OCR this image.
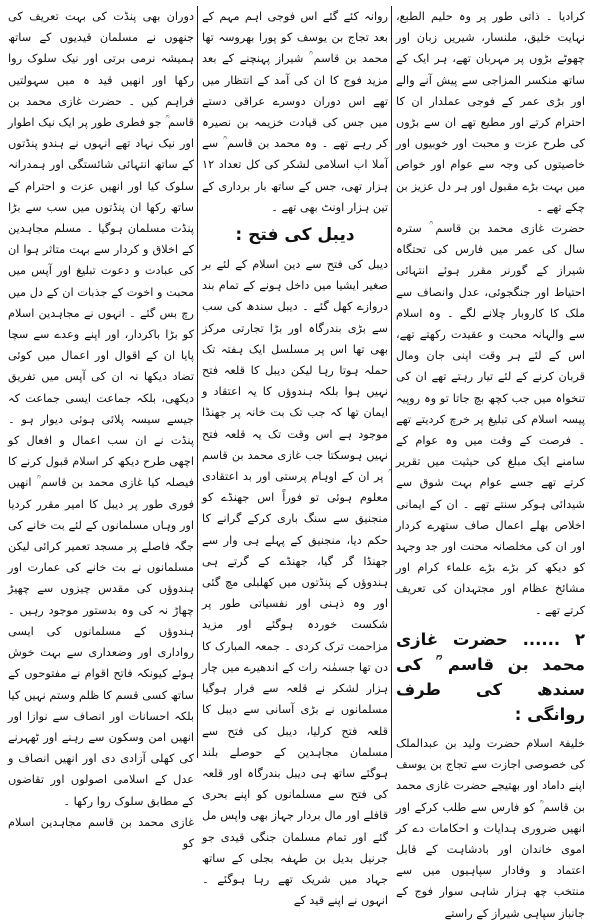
کرادیا ۔ ذاتی طور پر وہ حلیم الطبع، نہایت خلیق، ملنسار، شیریں زبان اور چھوٹے بڑوں پر مہربان تھے، ہر ایک کے ساتھ منکسر المزاجی سے پیش آنے والے اور بڑی عمر کے فوجی عملدار ان کا احترام کرتے اور مطیع تھے ان سے بڑوں کی طرح عزت و محبت اور خوبیوں اور خاصیتوں کی وجہ سے عوام اور خواص میں بہت بڑے مقبول اور ہر دل عزیز بن چکے تھے ۔

حضرت غازی محمد بن قاسم ؒ سترہ سال کی عمر میں فارس کی تحتگاہ شیراز کے گورنر مقرر ہوئے انتہائی احتیاط اور جنگجوئی، عدل وانصاف سے ملک کا کاروبار چلانے لگے ۔ وہ اسلام سے والہانہ محبت و عقیدت رکھتے تھے، اس کے لئے ہر وقت اپنی جان ومال قربان کرنے کے لئے تیار رہتے تھے ان کی تنخواہ میں جب کچھ بچ جاتا تو وہ روپیہ پیسہ اسلام کی تبلیغ پر خرچ کردیتے تھے ۔ فرصت کے وقت میں وہ عوام کے سامنے ایک مبلغ کی حیثیت میں تقریر کرتے تھے جسے عوام بہت شوق سے شیدائی ہوکر سنتے تھے ۔ ان کے ایمانی اخلاص بھلے اعمال صاف ستھرے کردار اور ان کی مخلصانہ محنت اور جد وجہد کو دیکھ کر بڑے بڑے علماء کرام اور مشائخ عظام اور مجتہدان کی تعریف کرتے تھے ۔

۲ ...... حضرت غازی محمد بن قاسم ؒ کی سندھ کی طرف روانگی :

خلیفۃ اسلام حضرت ولید بن عبدالملک کی خصوصی اجازت سے تجاج بن یوسف اپنے داماد اور بھتیجے حضرت غازی محمد بن قاسم ؒ کو فارس سے طلب کرکے اور انھیں ضروری ہدایات و احکامات دے کر اموی خاندان اور بادشاہت کے قابل اعتماد و وفادار سپاہیوں میں سے منتخب چھ ہزار شاہی سوار فوج کے جانباز سپاہی شیراز کے راستے

روانہ کئے گئے اس فوجی اہم مہم کے بعد تجاج بن یوسف کو پورا بھروسہ تھا محمد بن قاسم ؒ شیراز پہنچنے کے بعد مزید فوج کا ان کی آمد کے انتظار میں تھے اس دوران دوسرے عراقی دستے میں جس کی قیادت خزیمہ بن نصیرہ کر رہے تھے ۔ وہ محمد بن قاسم ؒ سے آملا اب اسلامی لشکر کی کل تعداد ۱۲ ہزار تھی، جس کے ساتھ بار برداری کے تین ہزار اونٹ بھی تھے ۔

دیبل کی فتح :

دیبل کی فتح سے دین اسلام کے لئے بر صغیر ایشیا میں داخل ہونے کے تمام بند دروازے کھل گئے ۔ دیبل سندھ کی سب سے بڑی بندرگاہ اور بڑا تجارتی مرکز بھی تھا اس پر مسلسل ایک ہفتہ تک حملہ ہوتا رہا لیکن دیبل کا قلعہ فتح نہیں ہوا بلکہ ہندوؤں کا یہ اعتقاد و ایمان تھا کہ جب تک بت خانہ پر جھنڈا موجود ہے اس وقت تک یہ قلعہ فتح نہیں ہوسکتا جب غازی محمد بن قاسم ؒ پر ان کے اوہام پرستی اور بد اعتقادی معلوم ہوئی تو فوراً اس جھنڈے کو منجنیق سے سنگ باری کرکے گرانے کا حکم دیا، منجنیق کے پہلے ہی وار سے جھنڈا گر گیا، جھنڈے کے گرتے ہی ہندوؤں کے پنڈتوں میں کھلبلی مچ گئی اور وہ ذہنی اور نفسیاتی طور پر شکست خوردہ ہوگئے اور مزید مزاحمت ترک کردی ۔ جمعہ المبارک کا دن تھا جسمٰنہ رات کے اندھیرے میں چار ہزار لشکر نے قلعہ سے فرار ہوگیا مسلمانوں نے بڑی آسانی سے دیبل کا قلعہ فتح کرلیا، دیبل کی فتح سے مسلمان مجاہدین کے حوصلے بلند ہوگئے ساتھ ہی دیبل بندرگاہ اور قلعہ کی فتح سے مسلمانوں کو اپنے بحری قافلے اور مال بردار جہاز بھی واپس مل گئے اور تمام مسلمان جنگی قیدی جو جرنیل بدیل بن طہفہ بجلی کے ساتھ جہاد میں شریک تھے رہا ہوگئے ۔ انہوں نے اپنے قید کے

دوران بھی پنڈت کی بہت تعریف کی جنھوں نے مسلمان قیدیوں کے ساتھ ہمیشہ نرمی برتی اور نیک سلوک روا رکھا اور انھیں قید ہ میں سہولتیں فراہم کیں ۔ حضرت غازی محمد بن قاسم ؒ جو فطری طور پر ایک نیک اطوار اور نیک نہاد تھے انہوں نے ہندو پنڈتوں کے ساتھ انتہائی شائستگی اور ہمدرانہ سلوک کیا اور انھیں عزت و احترام کے ساتھ رکھا ان پنڈتوں میں سب سے بڑا پنڈت مسلمان ہوگیا ۔ مسلم مجاہدین کے اخلاق و کردار سے بہت متاثر ہوا ان کی عبادت و دعوت تبلیغ اور آپس میں محبت و اخوت کے جذبات ان کے دل میں رچ بس گئے ۔ انہوں نے مجاہدین اسلام کو بڑا باکردار، اور اپنے وعدے سے سچا پایا ان کے اقوال اور اعمال میں کوئی تضاد دیکھا نہ ان کی آپس میں تفریق دیکھی، بلکہ جماعت ایسی جماعت کہ جیسے سیسہ پلائی ہوئی دیوار ہو ۔ پنڈت نے ان سب اعمال و افعال کو اچھی طرح دیکھ کر اسلام قبول کرنے کا فیصلہ کیا غازی محمد بن قاسم ؒ انھیں فوری طور پر دیبل کا امیر مقرر کردیا اور وہاں مسلمانوں کے لئے بت خانے کی جگہ فاصلے پر مسجد تعمیر کرائی لیکن مسلمانوں نے بت خانے کی عمارت اور ہندوؤں کی مقدس چیزوں سے چھیڑ چھاڑ نہ کی وہ بدستور موجود رہیں ۔ ہندوؤں کے مسلمانوں کی ایسی رواداری اور وضعداری سے بہت خوش ہوئے کیونکہ فاتح اقوام نے مفتوحوں کے ساتھ کسی قسم کا ظلم وستم نہیں کیا بلکہ احسانات اور انصاف سے نوازا اور انھیں امن وسکون سے رہنے اور ٹھہرنے کی کھلی آزادی دی اور انھیں انصاف و عدل کے اسلامی اصولوں اور تقاضوں کے مطابق سلوک روا رکھا ۔

غازی محمد بن قاسم مجاہدین اسلام کو
